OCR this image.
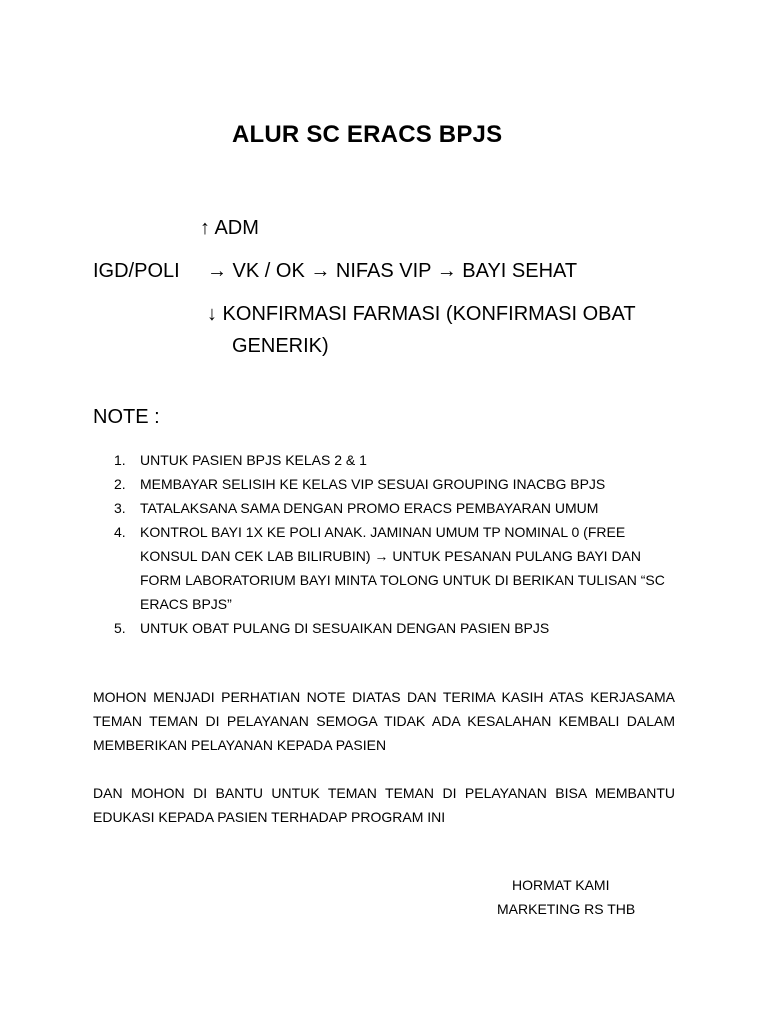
ALUR SC ERACS BPJS
↑ ADM
IGD/POLI → VK / OK → NIFAS VIP → BAYI SEHAT
↓ KONFIRMASI FARMASI (KONFIRMASI OBAT
GENERIK)
NOTE :
1. UNTUK PASIEN BPJS KELAS 2 & 1
2. MEMBAYAR SELISIH KE KELAS VIP SESUAI GROUPING INACBG BPJS
3. TATALAKSANA SAMA DENGAN PROMO ERACS PEMBAYARAN UMUM
4. KONTROL BAYI 1X KE POLI ANAK. JAMINAN UMUM TP NOMINAL 0 (FREE KONSUL DAN CEK LAB BILIRUBIN) → UNTUK PESANAN PULANG BAYI DAN FORM LABORATORIUM BAYI MINTA TOLONG UNTUK DI BERIKAN TULISAN “SC ERACS BPJS”
5. UNTUK OBAT PULANG DI SESUAIKAN DENGAN PASIEN BPJS
MOHON MENJADI PERHATIAN NOTE DIATAS DAN TERIMA KASIH ATAS KERJASAMA TEMAN TEMAN DI PELAYANAN SEMOGA TIDAK ADA KESALAHAN KEMBALI DALAM MEMBERIKAN PELAYANAN KEPADA PASIEN
DAN MOHON DI BANTU UNTUK TEMAN TEMAN DI PELAYANAN BISA MEMBANTU EDUKASI KEPADA PASIEN TERHADAP PROGRAM INI
HORMAT KAMI
MARKETING RS THB
